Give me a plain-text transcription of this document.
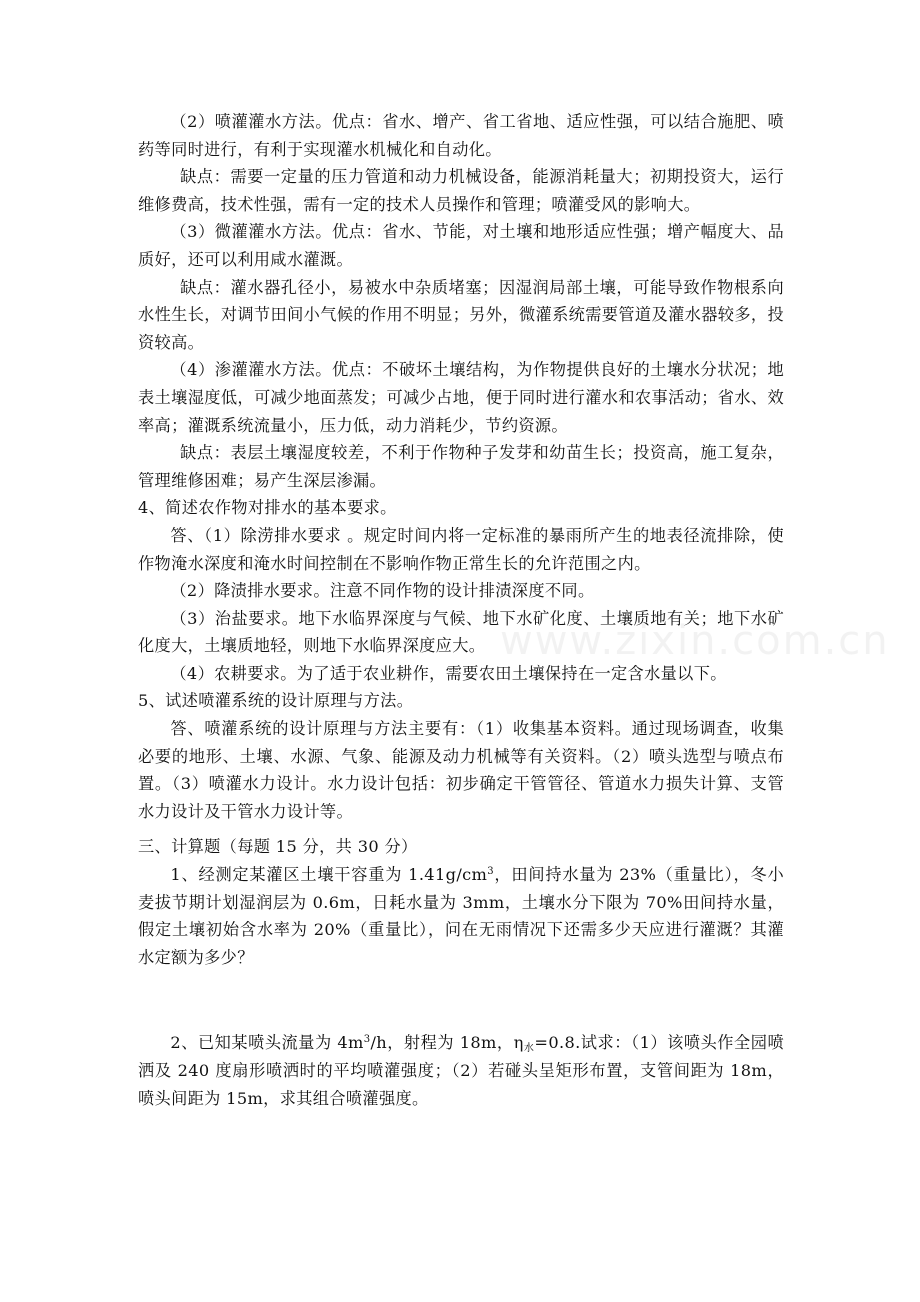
www.zixin.com.cn

（2）喷灌灌水方法。优点：省水、增产、省工省地、适应性强，可以结合施肥、喷药等同时进行，有利于实现灌水机械化和自动化。

缺点：需要一定量的压力管道和动力机械设备，能源消耗量大；初期投资大，运行维修费高，技术性强，需有一定的技术人员操作和管理；喷灌受风的影响大。

（3）微灌灌水方法。优点：省水、节能，对土壤和地形适应性强；增产幅度大、品质好，还可以利用咸水灌溉。

缺点：灌水器孔径小，易被水中杂质堵塞；因湿润局部土壤，可能导致作物根系向水性生长，对调节田间小气候的作用不明显；另外，微灌系统需要管道及灌水器较多，投资较高。

（4）渗灌灌水方法。优点：不破坏土壤结构，为作物提供良好的土壤水分状况；地表土壤湿度低，可减少地面蒸发；可减少占地，便于同时进行灌水和农事活动；省水、效率高；灌溉系统流量小，压力低，动力消耗少，节约资源。

缺点：表层土壤湿度较差，不利于作物种子发芽和幼苗生长；投资高，施工复杂，管理维修困难；易产生深层渗漏。

4、简述农作物对排水的基本要求。

答、（1）除涝排水要求 。规定时间内将一定标准的暴雨所产生的地表径流排除，使作物淹水深度和淹水时间控制在不影响作物正常生长的允许范围之内。

（2）降渍排水要求。注意不同作物的设计排渍深度不同。

（3）治盐要求。地下水临界深度与气候、地下水矿化度、土壤质地有关；地下水矿化度大，土壤质地轻，则地下水临界深度应大。

（4）农耕要求。为了适于农业耕作，需要农田土壤保持在一定含水量以下。

5、试述喷灌系统的设计原理与方法。

答、喷灌系统的设计原理与方法主要有：（1）收集基本资料。通过现场调查，收集必要的地形、土壤、水源、气象、能源及动力机械等有关资料。（2）喷头选型与喷点布置。（3）喷灌水力设计。水力设计包括：初步确定干管管径、管道水力损失计算、支管水力设计及干管水力设计等。

三、计算题（每题 15 分，共 30 分）

1、经测定某灌区土壤干容重为 $1.41g/cm^3$，田间持水量为 23%（重量比），冬小麦拔节期计划湿润层为 0.6m，日耗水量为 3mm，土壤水分下限为 70%田间持水量，假定土壤初始含水率为 20%（重量比），问在无雨情况下还需多少天应进行灌溉？其灌水定额为多少？

2、已知某喷头流量为 $4m^3/h$，射程为 18m，$\eta_水=0.8$.试求：（1）该喷头作全园喷洒及 240 度扇形喷洒时的平均喷灌强度；（2）若碰头呈矩形布置，支管间距为 18m，喷头间距为 15m，求其组合喷灌强度。
